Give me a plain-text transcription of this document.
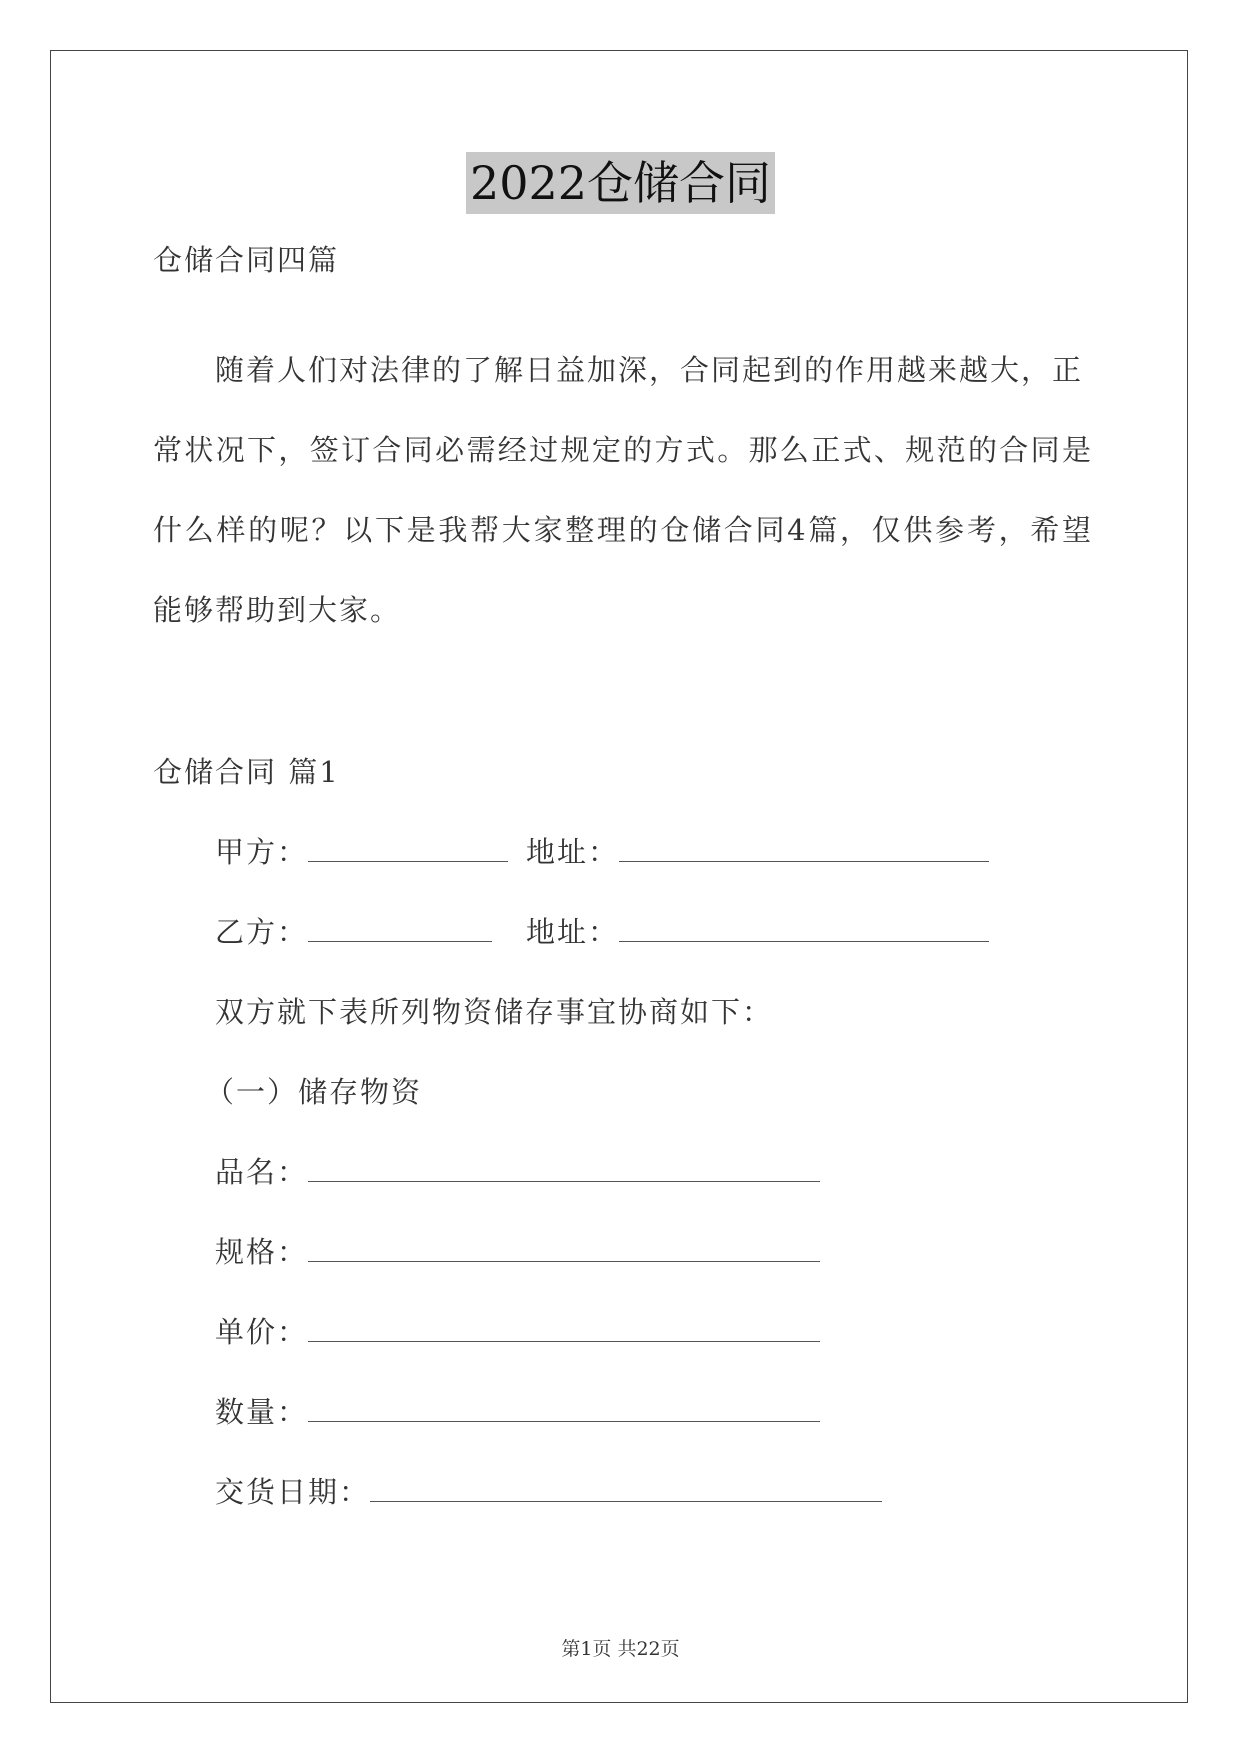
2022仓储合同
仓储合同四篇
随着人们对法律的了解日益加深，合同起到的作用越来越大，正
常状况下，签订合同必需经过规定的方式。那么正式、规范的合同是
什么样的呢？以下是我帮大家整理的仓储合同4篇，仅供参考，希望
能够帮助到大家。
仓储合同 篇1
甲方：	地址：
乙方：	地址：
双方就下表所列物资储存事宜协商如下：
（一）储存物资
品名：
规格：
单价：
数量：
交货日期：
第1页 共22页
